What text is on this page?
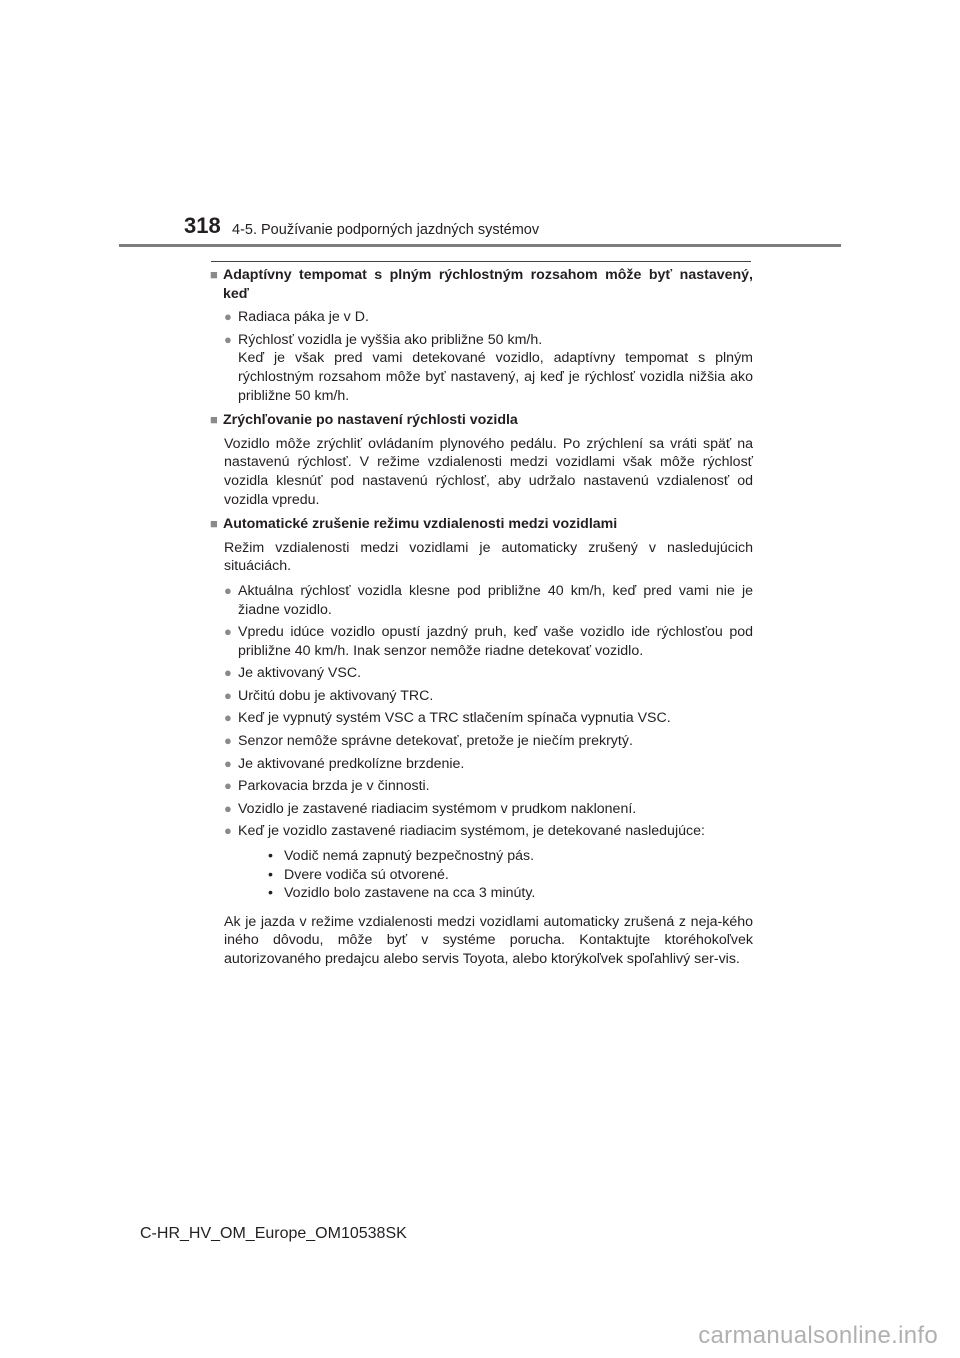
318 4-5. Používanie podporných jazdných systémov
■ Adaptívny tempomat s plným rýchlostným rozsahom môže byť nastavený, keď
● Radiaca páka je v D.

● Rýchlosť vozidla je vyššia ako približne 50 km/h.

Keď je však pred vami detekované vozidlo, adaptívny tempomat s plným rýchlostným rozsahom môže byť nastavený, aj keď je rýchlosť vozidla nižšia ako približne 50 km/h.

■ Zrýchľovanie po nastavení rýchlosti vozidla

Vozidlo môže zrýchliť ovládaním plynového pedálu. Po zrýchlení sa vráti späť na nastavenú rýchlosť. V režime vzdialenosti medzi vozidlami však môže rýchlosť vozidla klesnúť pod nastavenú rýchlosť, aby udržalo nastavenú vzdialenosť od vozidla vpredu.

■ Automatické zrušenie režimu vzdialenosti medzi vozidlami

Režim vzdialenosti medzi vozidlami je automaticky zrušený v nasledujúcich situáciách.

● Aktuálna rýchlosť vozidla klesne pod približne 40 km/h, keď pred vami nie je žiadne vozidlo.

● Vpredu idúce vozidlo opustí jazdný pruh, keď vaše vozidlo ide rýchlosťou pod približne 40 km/h. Inak senzor nemôže riadne detekovať vozidlo.

● Je aktivovaný VSC.

● Určitú dobu je aktivovaný TRC.

● Keď je vypnutý systém VSC a TRC stlačením spínača vypnutia VSC.

● Senzor nemôže správne detekovať, pretože je niečím prekrytý.

● Je aktivované predkolízne brzdenie.

● Parkovacia brzda je v činnosti.

● Vozidlo je zastavené riadiacim systémom v prudkom naklonení.

● Keď je vozidlo zastavené riadiacim systémom, je detekované nasledujúce:

• Vodič nemá zapnutý bezpečnostný pás.
• Dvere vodiča sú otvorené.
• Vozidlo bolo zastavene na cca 3 minúty.

Ak je jazda v režime vzdialenosti medzi vozidlami automaticky zrušená z neja-kého iného dôvodu, môže byť v systéme porucha. Kontaktujte ktoréhokoľvek autorizovaného predajcu alebo servis Toyota, alebo ktorýkoľvek spoľahlivý ser-vis.

C-HR_HV_OM_Europe_OM10538SK
carmanualsonline.info
